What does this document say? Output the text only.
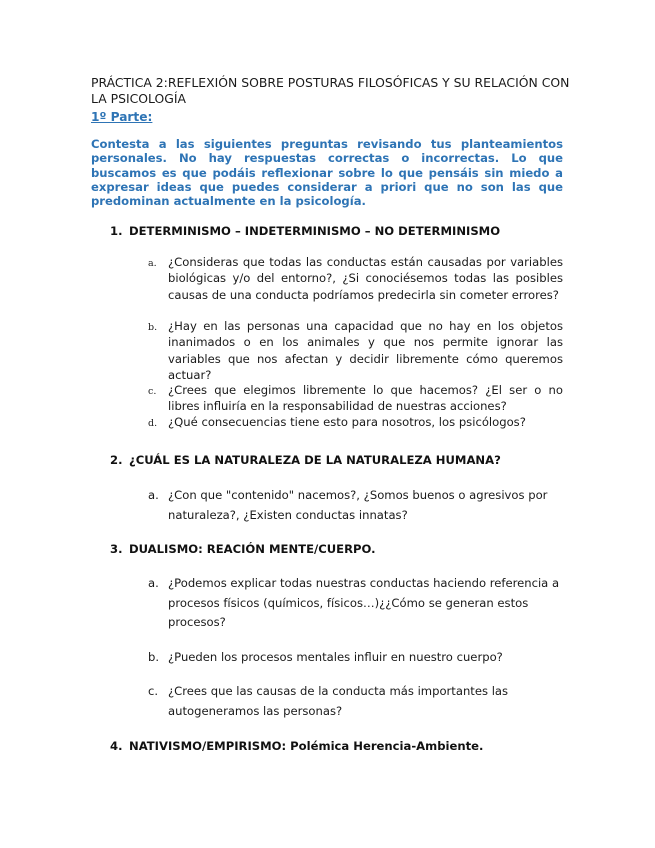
PRÁCTICA 2:REFLEXIÓN SOBRE POSTURAS FILOSÓFICAS Y SU RELACIÓN CON LA PSICOLOGÍA
1º Parte:
Contesta a las siguientes preguntas revisando tus planteamientos personales. No hay respuestas correctas o incorrectas. Lo que buscamos es que podáis reflexionar sobre lo que pensáis sin miedo a expresar ideas que puedes considerar a priori que no son las que predominan actualmente en la psicología.
1. DETERMINISMO – INDETERMINISMO – NO DETERMINISMO
a. ¿Consideras que todas las conductas están causadas por variables biológicas y/o del entorno?, ¿Si conociésemos todas las posibles causas de una conducta podríamos predecirla sin cometer errores?
b. ¿Hay en las personas una capacidad que no hay en los objetos inanimados o en los animales y que nos permite ignorar las variables que nos afectan y decidir libremente cómo queremos actuar?
c. ¿Crees que elegimos libremente lo que hacemos? ¿El ser o no libres influiría en la responsabilidad de nuestras acciones?
d. ¿Qué consecuencias tiene esto para nosotros, los psicólogos?
2. ¿CUÁL ES LA NATURALEZA DE LA NATURALEZA HUMANA?
a. ¿Con que "contenido" nacemos?, ¿Somos buenos o agresivos por naturaleza?, ¿Existen conductas innatas?
3. DUALISMO: REACIÓN MENTE/CUERPO.
a. ¿Podemos explicar todas nuestras conductas haciendo referencia a procesos físicos (químicos, físicos…)¿¿Cómo se generan estos procesos?
b. ¿Pueden los procesos mentales influir en nuestro cuerpo?
c. ¿Crees que las causas de la conducta más importantes las autogeneramos las personas?
4. NATIVISMO/EMPIRISMO: Polémica Herencia-Ambiente.
